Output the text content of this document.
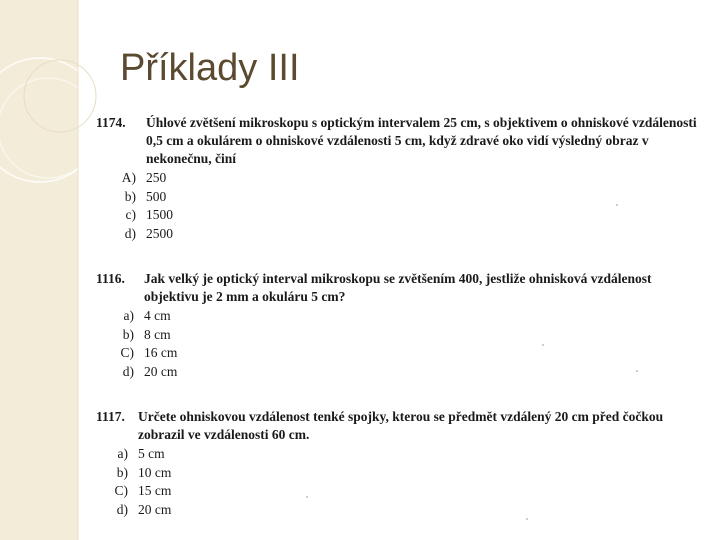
Příklady III
1174. Úhlové zvětšení mikroskopu s optickým intervalem 25 cm, s objektivem o ohniskové vzdálenosti 0,5 cm a okulárem o ohniskové vzdálenosti 5 cm, když zdravé oko vidí výsledný obraz v nekonečnu, činí
A) 250
b) 500
c) 1500
d) 2500
1116. Jak velký je optický interval mikroskopu se zvětšením 400, jestliže ohnisková vzdálenost objektivu je 2 mm a okuláru 5 cm?
a) 4 cm
b) 8 cm
C) 16 cm
d) 20 cm
1117. Určete ohniskovou vzdálenost tenké spojky, kterou se předmět vzdálený 20 cm před čočkou zobrazil ve vzdálenosti 60 cm.
a) 5 cm
b) 10 cm
C) 15 cm
d) 20 cm
